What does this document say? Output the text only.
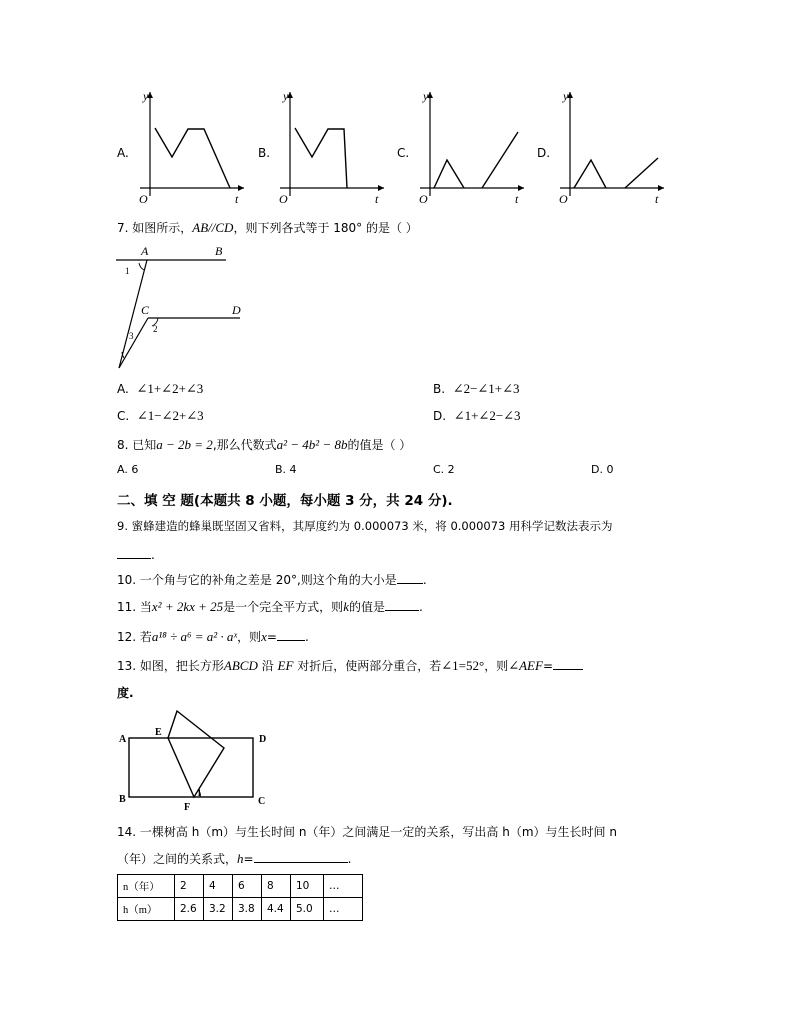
A.	B.	C.	D.
y
O	t
y
O	t
y
O	t
y
O	t
7. 如图所示，AB//CD，则下列各式等于 180° 的是（ ）
A	B
C	D
1
2
3
A. ∠1+∠2+∠3	B. ∠2−∠1+∠3
C. ∠1−∠2+∠3	D. ∠1+∠2−∠3
8. 已知a − 2b = 2,那么代数式a² − 4b² − 8b的值是（ ）
A. 6	B. 4	C. 2	D. 0
二、填 空 题(本题共 8 小题，每小题 3 分，共 24 分).
9. 蜜蜂建造的蜂巢既坚固又省料，其厚度约为 0.000073 米，将 0.000073 用科学记数法表示为
.
10. 一个角与它的补角之差是 20°,则这个角的大小是 .
11. 当x² + 2kx + 25是一个完全平方式，则k的值是	.
12. 若a¹⁸ ÷ a⁶ = a² · aˣ，则x= .
13. 如图，把长方形ABCD 沿 EF 对折后，使两部分重合，若∠1=52°，则∠AEF=
度.
A
E
D
B
F
C
1
14. 一棵树高 h（m）与生长时间 n（年）之间满足一定的关系，写出高 h（m）与生长时间 n
（年）之间的关系式，h=	.
n（年）	2	4	6	8	10	…
h（m）	2.6	3.2	3.8	4.4	5.0	…
